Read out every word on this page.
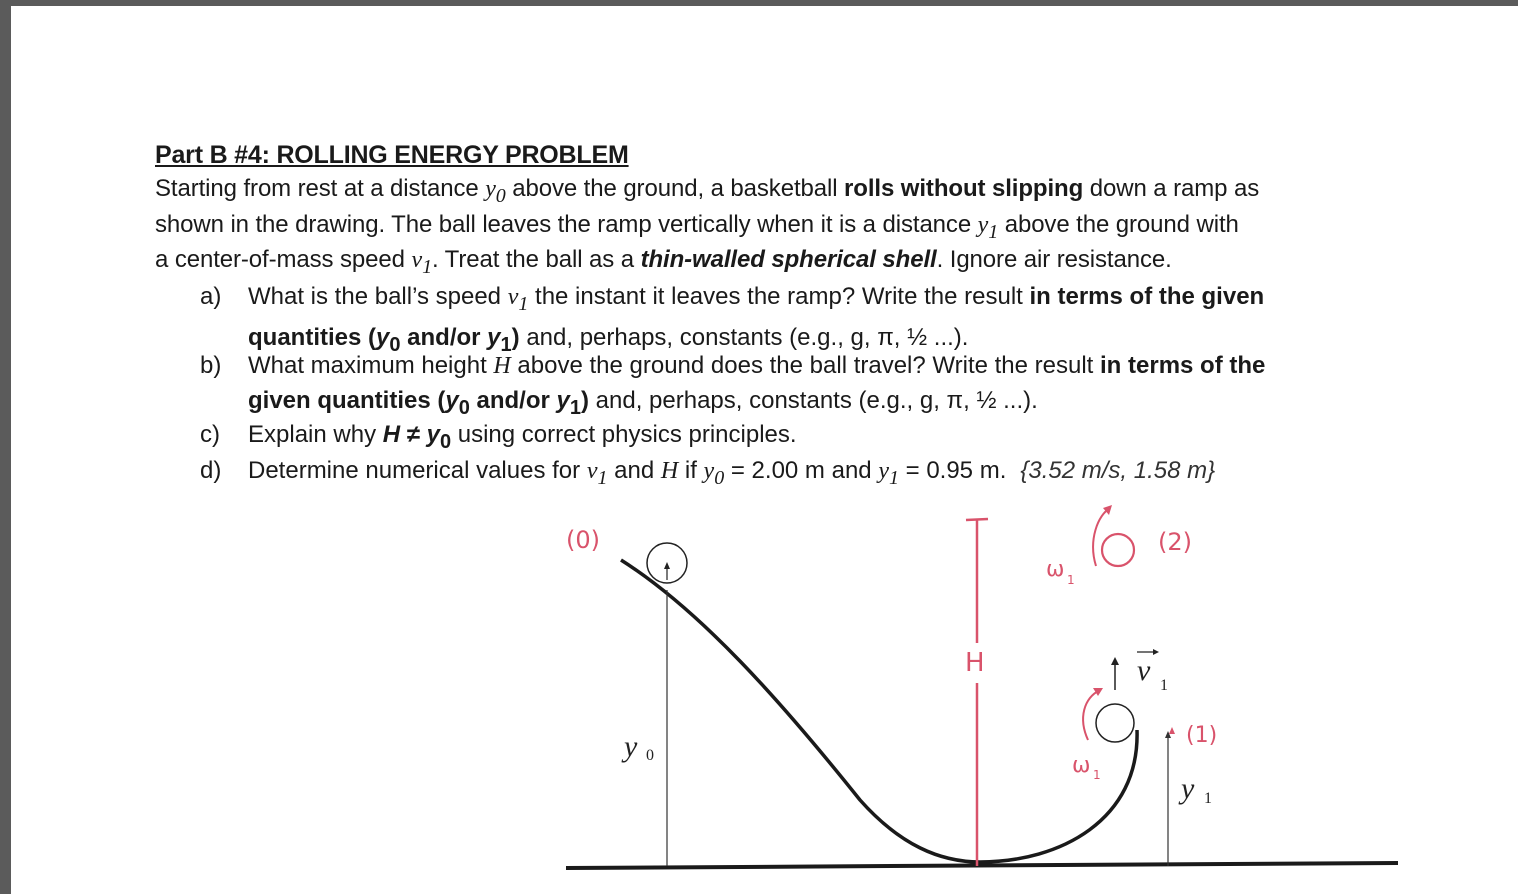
Part B #4: ROLLING ENERGY PROBLEM
Starting from rest at a distance $y_0$ above the ground, a basketball rolls without slipping down a ramp as
shown in the drawing. The ball leaves the ramp vertically when it is a distance $y_1$ above the ground with
a center-of-mass speed $v_1$. Treat the ball as a thin-walled spherical shell. Ignore air resistance.
a) What is the ball’s speed $v_1$ the instant it leaves the ramp? Write the result in terms of the given
quantities ($y_0$ and/or $y_1$) and, perhaps, constants (e.g., g, π, ½ ...).
b) What maximum height H above the ground does the ball travel? Write the result in terms of the
given quantities ($y_0$ and/or $y_1$) and, perhaps, constants (e.g., g, π, ½ ...).
c) Explain why $H \ne y_0$ using correct physics principles.
d) Determine numerical values for $v_1$ and H if $y_0 = 2.00$ m and $y_1 = 0.95$ m. {3.52 m/s, 1.58 m}
y 0
y 1
v 1
(0)	(2)
(1)
H
ω 1
ω 1
